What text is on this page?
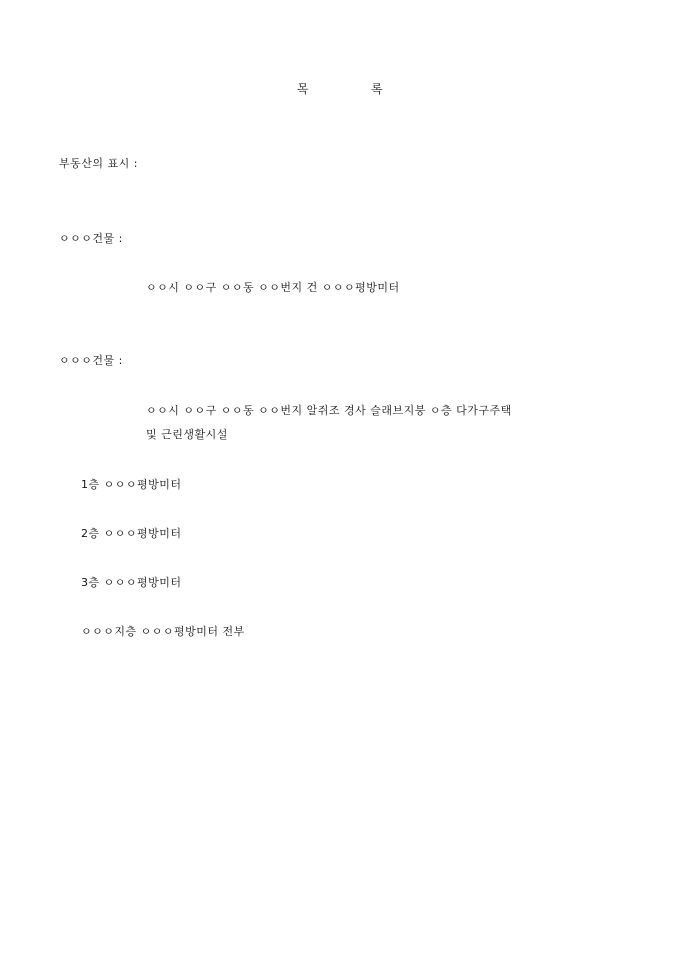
목	록
부동산의 표시 :
ㅇㅇㅇ건물 :
ㅇㅇ시 ㅇㅇ구 ㅇㅇ동 ㅇㅇ번지 건 ㅇㅇㅇ평방미터
ㅇㅇㅇ건물 :
ㅇㅇ시 ㅇㅇ구 ㅇㅇ동 ㅇㅇ번지 알쥐조 경사 슬래브지붕 ㅇ층 다가구주택
및 근린생활시설
1층 ㅇㅇㅇ평방미터
2층 ㅇㅇㅇ평방미터
3층 ㅇㅇㅇ평방미터
ㅇㅇㅇ지층 ㅇㅇㅇ평방미터 전부
